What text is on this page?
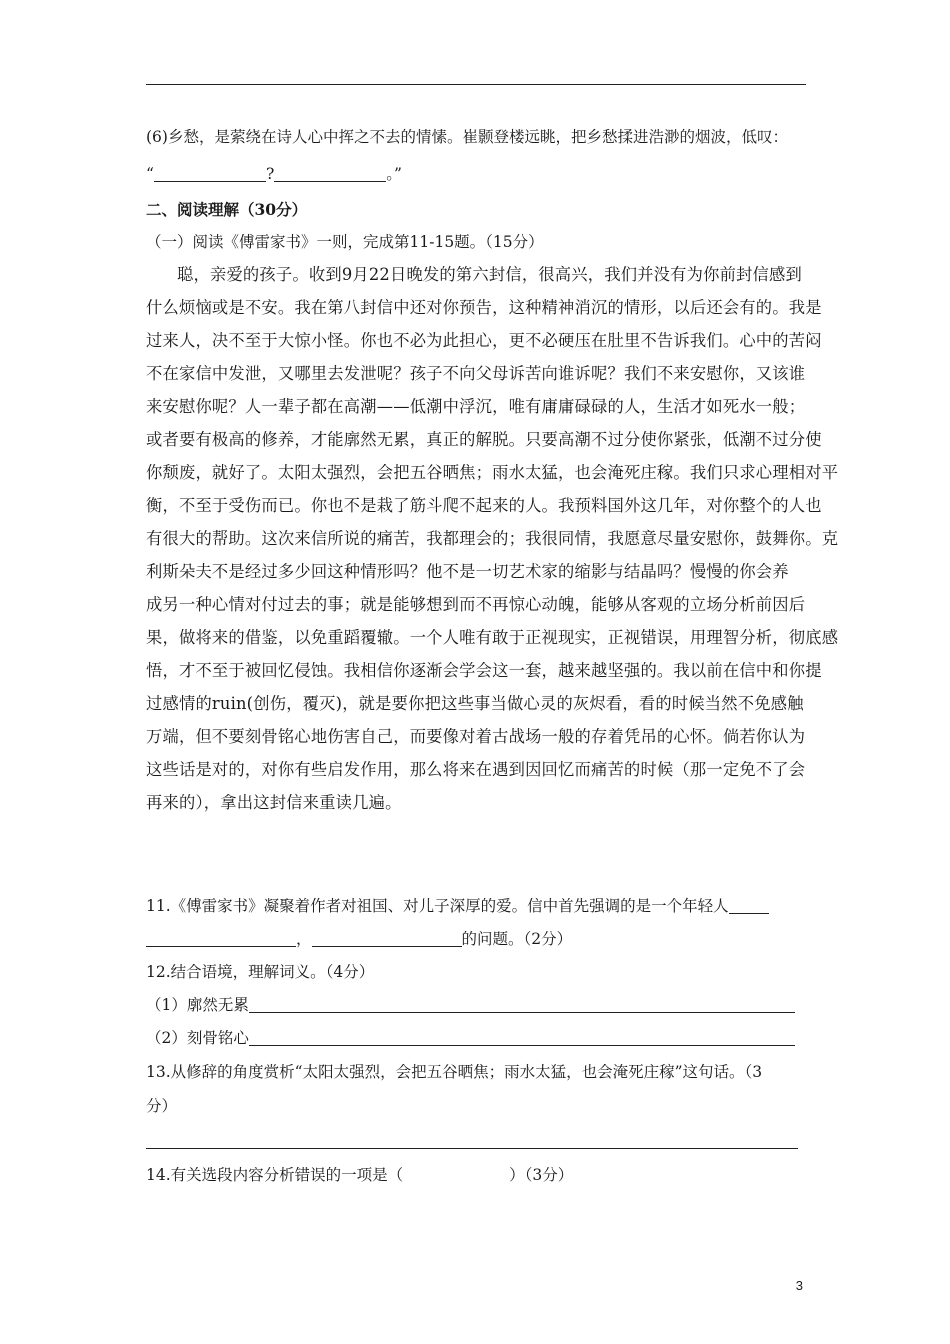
(6)乡愁，是萦绕在诗人心中挥之不去的情愫。崔颢登楼远眺，把乡愁揉进浩渺的烟波，低叹：
“	?	。”
二、阅读理解（30分）
（一）阅读《傅雷家书》一则，完成第11-15题。（15分）
聪，亲爱的孩子。收到9月22日晚发的第六封信，很高兴，我们并没有为你前封信感到
什么烦恼或是不安。我在第八封信中还对你预告，这种精神消沉的情形，以后还会有的。我是
过来人，决不至于大惊小怪。你也不必为此担心，更不必硬压在肚里不告诉我们。心中的苦闷
不在家信中发泄，又哪里去发泄呢？孩子不向父母诉苦向谁诉呢？我们不来安慰你，又该谁
来安慰你呢？人一辈子都在高潮——低潮中浮沉，唯有庸庸碌碌的人，生活才如死水一般；
或者要有极高的修养，才能廓然无累，真正的解脱。只要高潮不过分使你紧张，低潮不过分使
你颓废，就好了。太阳太强烈，会把五谷晒焦；雨水太猛，也会淹死庄稼。我们只求心理相对平
衡，不至于受伤而已。你也不是栽了筋斗爬不起来的人。我预料国外这几年，对你整个的人也
有很大的帮助。这次来信所说的痛苦，我都理会的；我很同情，我愿意尽量安慰你，鼓舞你。克
利斯朵夫不是经过多少回这种情形吗？他不是一切艺术家的缩影与结晶吗？慢慢的你会养
成另一种心情对付过去的事；就是能够想到而不再惊心动魄，能够从客观的立场分析前因后
果，做将来的借鉴，以免重蹈覆辙。一个人唯有敢于正视现实，正视错误，用理智分析，彻底感
悟，才不至于被回忆侵蚀。我相信你逐渐会学会这一套，越来越坚强的。我以前在信中和你提
过感情的ruin(创伤，覆灭)，就是要你把这些事当做心灵的灰烬看，看的时候当然不免感触
万端，但不要刻骨铭心地伤害自己，而要像对着古战场一般的存着凭吊的心怀。倘若你认为
这些话是对的，对你有些启发作用，那么将来在遇到因回忆而痛苦的时候（那一定免不了会
再来的），拿出这封信来重读几遍。
11.《傅雷家书》凝聚着作者对祖国、对儿子深厚的爱。信中首先强调的是一个年轻人
，	的问题。（2分）
12.结合语境，理解词义。（4分）
（1）廓然无累
（2）刻骨铭心
13.从修辞的角度赏析“太阳太强烈，会把五谷晒焦；雨水太猛，也会淹死庄稼”这句话。（3
分）
14.有关选段内容分析错误的一项是（	）（3分）
3
